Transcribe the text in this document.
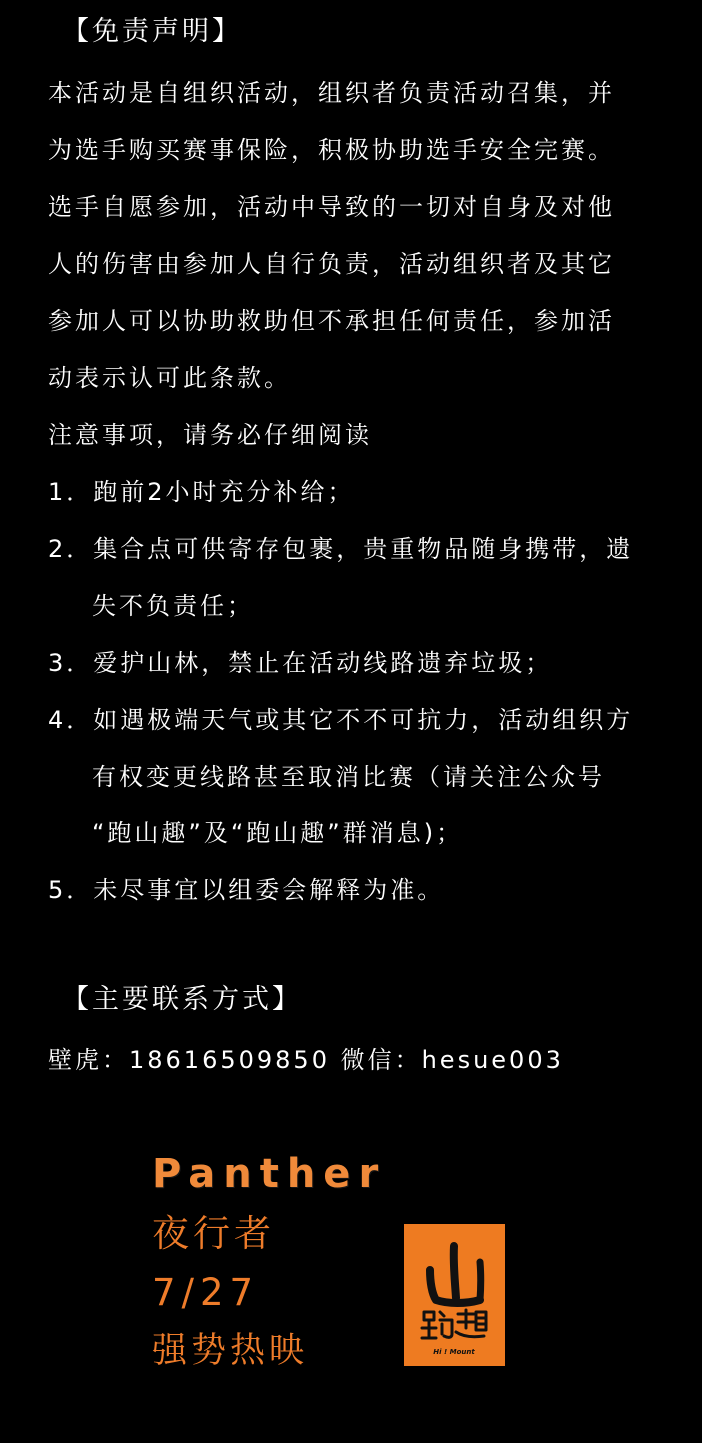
【免责声明】
本活动是自组织活动，组织者负责活动召集，并
为选手购买赛事保险，积极协助选手安全完赛。
选手自愿参加，活动中导致的一切对自身及对他
人的伤害由参加人自行负责，活动组织者及其它
参加人可以协助救助但不承担任何责任，参加活
动表示认可此条款。
注意事项，请务必仔细阅读
1．跑前2小时充分补给；
2．集合点可供寄存包裹，贵重物品随身携带，遗
失不负责任；
3．爱护山林，禁止在活动线路遗弃垃圾；
4．如遇极端天气或其它不不可抗力，活动组织方
有权变更线路甚至取消比赛（请关注公众号
“跑山趣”及“跑山趣”群消息)；
5．未尽事宜以组委会解释为准。
【主要联系方式】
壁虎：18616509850 微信：hesue003
Panther
夜行者
7/27
强势热映	Hi ! Mount
